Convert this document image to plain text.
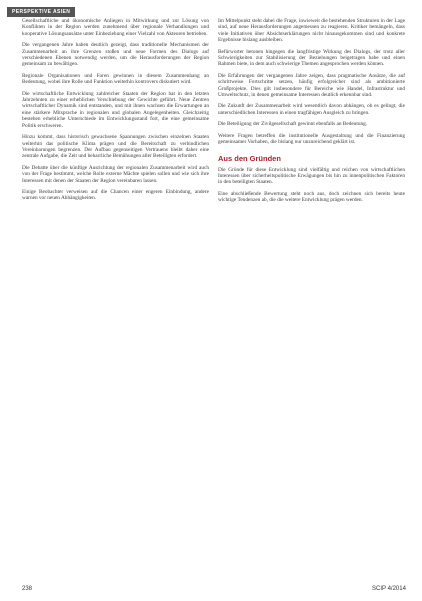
PERSPEKTIVE ASIEN

Gesellschaftliche und ökonomische Anliegen in Mitwirkung und zur Lösung von Konflikten in der Region werden zunehmend über regionale Verhandlungen und kooperative Lösungsansätze unter Einbeziehung einer Vielzahl von Akteuren betrieben.

Die vergangenen Jahre haben deutlich gezeigt, dass traditionelle Mechanismen der Zusammenarbeit an ihre Grenzen stoßen und neue Formen des Dialogs auf verschiedenen Ebenen notwendig werden, um die Herausforderungen der Region gemeinsam zu bewältigen.

Regionale Organisationen und Foren gewinnen in diesem Zusammenhang an Bedeutung, wobei ihre Rolle und Funktion weiterhin kontrovers diskutiert wird.

Die wirtschaftliche Entwicklung zahlreicher Staaten der Region hat in den letzten Jahrzehnten zu einer erheblichen Verschiebung der Gewichte geführt. Neue Zentren wirtschaftlicher Dynamik sind entstanden, und mit ihnen wachsen die Erwartungen an eine stärkere Mitsprache in regionalen und globalen Angelegenheiten. Gleichzeitig bestehen erhebliche Unterschiede im Entwicklungsstand fort, die eine gemeinsame Politik erschweren.

Hinzu kommt, dass historisch gewachsene Spannungen zwischen einzelnen Staaten weiterhin das politische Klima prägen und die Bereitschaft zu verbindlichen Vereinbarungen begrenzen. Der Aufbau gegenseitigen Vertrauens bleibt daher eine zentrale Aufgabe, die Zeit und beharrliche Bemühungen aller Beteiligten erfordert.

Die Debatte über die künftige Ausrichtung der regionalen Zusammenarbeit wird auch von der Frage bestimmt, welche Rolle externe Mächte spielen sollen und wie sich ihre Interessen mit denen der Staaten der Region vereinbaren lassen.

Einige Beobachter verweisen auf die Chancen einer engeren Einbindung, andere warnen vor neuen Abhängigkeiten.

Im Mittelpunkt steht dabei die Frage, inwieweit die bestehenden Strukturen in der Lage sind, auf neue Herausforderungen angemessen zu reagieren. Kritiker bemängeln, dass viele Initiativen über Absichtserklärungen nicht hinausgekommen sind und konkrete Ergebnisse bislang ausbleiben.

Befürworter betonen hingegen die langfristige Wirkung des Dialogs, der trotz aller Schwierigkeiten zur Stabilisierung der Beziehungen beigetragen habe und einen Rahmen biete, in dem auch schwierige Themen angesprochen werden können.

Die Erfahrungen der vergangenen Jahre zeigen, dass pragmatische Ansätze, die auf schrittweise Fortschritte setzen, häufig erfolgreicher sind als ambitionierte Großprojekte. Dies gilt insbesondere für Bereiche wie Handel, Infrastruktur und Umweltschutz, in denen gemeinsame Interessen deutlich erkennbar sind.

Die Zukunft der Zusammenarbeit wird wesentlich davon abhängen, ob es gelingt, die unterschiedlichen Interessen in einen tragfähigen Ausgleich zu bringen.

Die Beteiligung der Zivilgesellschaft gewinnt ebenfalls an Bedeutung.

Weitere Fragen betreffen die institutionelle Ausgestaltung und die Finanzierung gemeinsamer Vorhaben, die bislang nur unzureichend geklärt ist.

Aus den Gründen

Die Gründe für diese Entwicklung sind vielfältig und reichen von wirtschaftlichen Interessen über sicherheitspolitische Erwägungen bis hin zu innenpolitischen Faktoren in den beteiligten Staaten.

Eine abschließende Bewertung steht noch aus, doch zeichnen sich bereits heute wichtige Tendenzen ab, die die weitere Entwicklung prägen werden.

238	SCIP 4/2014
